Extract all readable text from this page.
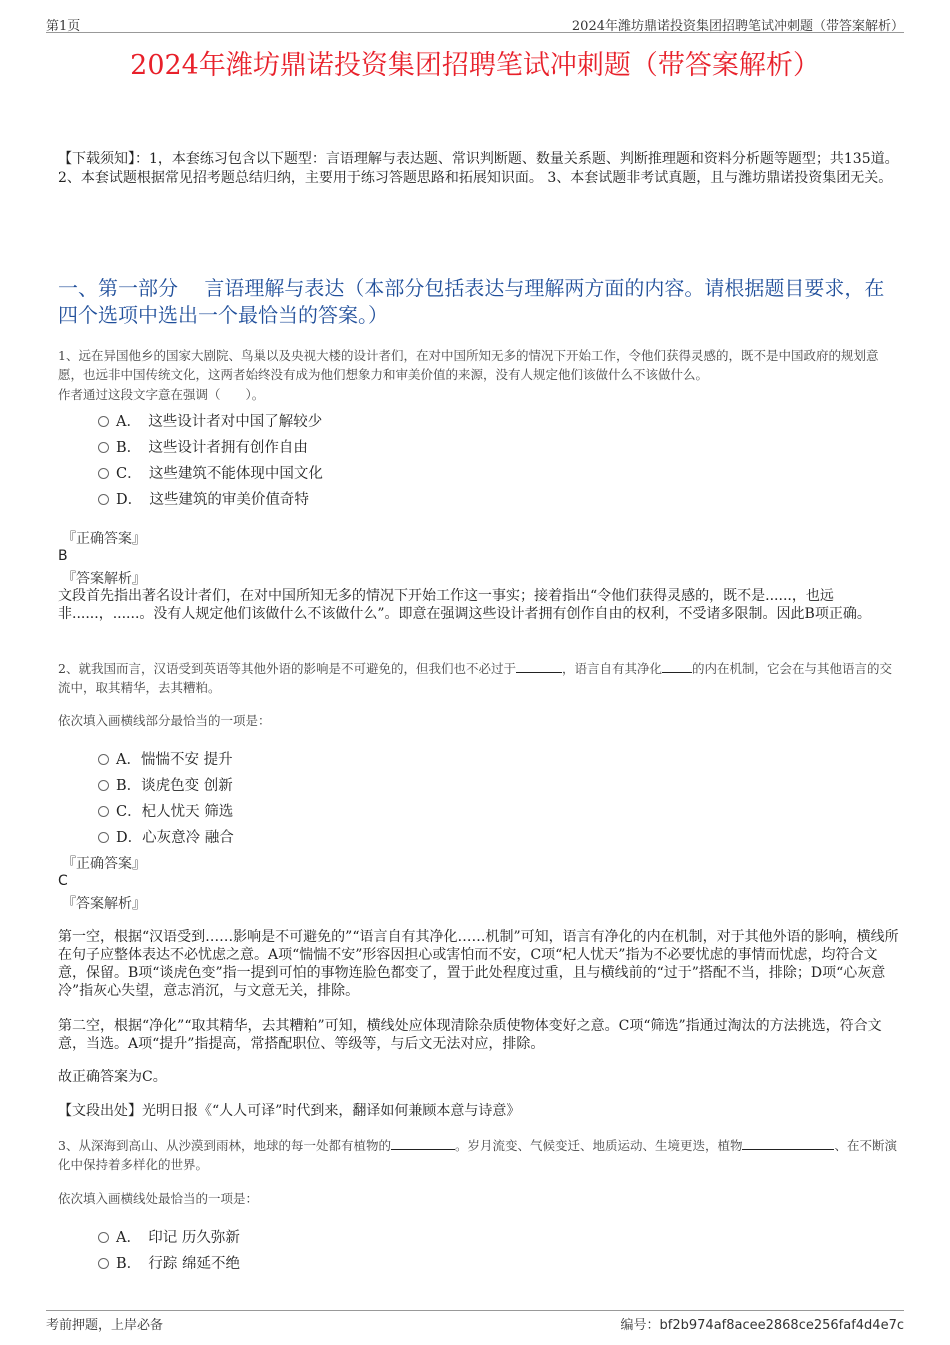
第1页	2024年潍坊鼎诺投资集团招聘笔试冲刺题（带答案解析）
2024年潍坊鼎诺投资集团招聘笔试冲刺题（带答案解析）
【下载须知】：1，本套练习包含以下题型：言语理解与表达题、常识判断题、数量关系题、判断推理题和资料分析题等题型；共135道。 2、本套试题根据常见招考题总结归纳，主要用于练习答题思路和拓展知识面。 3、本套试题非考试真题，且与潍坊鼎诺投资集团无关。
一、第一部分　 言语理解与表达（本部分包括表达与理解两方面的内容。请根据题目要求，在四个选项中选出一个最恰当的答案。）
1、远在异国他乡的国家大剧院、鸟巢以及央视大楼的设计者们，在对中国所知无多的情况下开始工作，令他们获得灵感的，既不是中国政府的规划意愿，也远非中国传统文化，这两者始终没有成为他们想象力和审美价值的来源，没有人规定他们该做什么不该做什么。
作者通过这段文字意在强调（　　）。
A．　这些设计者对中国了解较少
B．　这些设计者拥有创作自由
C．　这些建筑不能体现中国文化
D．　这些建筑的审美价值奇特
『正确答案』
B
『答案解析』
文段首先指出著名设计者们，在对中国所知无多的情况下开始工作这一事实；接着指出“令他们获得灵感的，既不是......，也远非......，......。没有人规定他们该做什么不该做什么”。即意在强调这些设计者拥有创作自由的权利，不受诸多限制。因此B项正确。
2、就我国而言，汉语受到英语等其他外语的影响是不可避免的，但我们也不必过于	，语言自有其净化 的内在机制，它会在与其他语言的交流中，取其精华，去其糟粕。
依次填入画横线部分最恰当的一项是：
A．惴惴不安 提升
B．谈虎色变 创新
C．杞人忧天 筛选
D．心灰意冷 融合
『正确答案』
C
『答案解析』
第一空，根据“汉语受到……影响是不可避免的”“语言自有其净化……机制”可知，语言有净化的内在机制，对于其他外语的影响，横线所在句子应整体表达不必忧虑之意。A项“惴惴不安”形容因担心或害怕而不安，C项“杞人忧天”指为不必要忧虑的事情而忧虑，均符合文意，保留。B项“谈虎色变”指一提到可怕的事物连脸色都变了，置于此处程度过重，且与横线前的“过于”搭配不当，排除；D项“心灰意冷”指灰心失望，意志消沉，与文意无关，排除。
第二空，根据“净化”“取其精华，去其糟粕”可知，横线处应体现清除杂质使物体变好之意。C项“筛选”指通过淘汰的方法挑选，符合文意，当选。A项“提升”指提高，常搭配职位、等级等，与后文无法对应，排除。
故正确答案为C。
【文段出处】光明日报《“人人可译”时代到来，翻译如何兼顾本意与诗意》
3、从深海到高山、从沙漠到雨林，地球的每一处都有植物的	。岁月流变、气候变迁、地质运动、生境更迭，植物	、在不断演化中保持着多样化的世界。
依次填入画横线处最恰当的一项是：
A．　印记 历久弥新
B．　行踪 绵延不绝
考前押题，上岸必备	编号：bf2b974af8acee2868ce256faf4d4e7c
